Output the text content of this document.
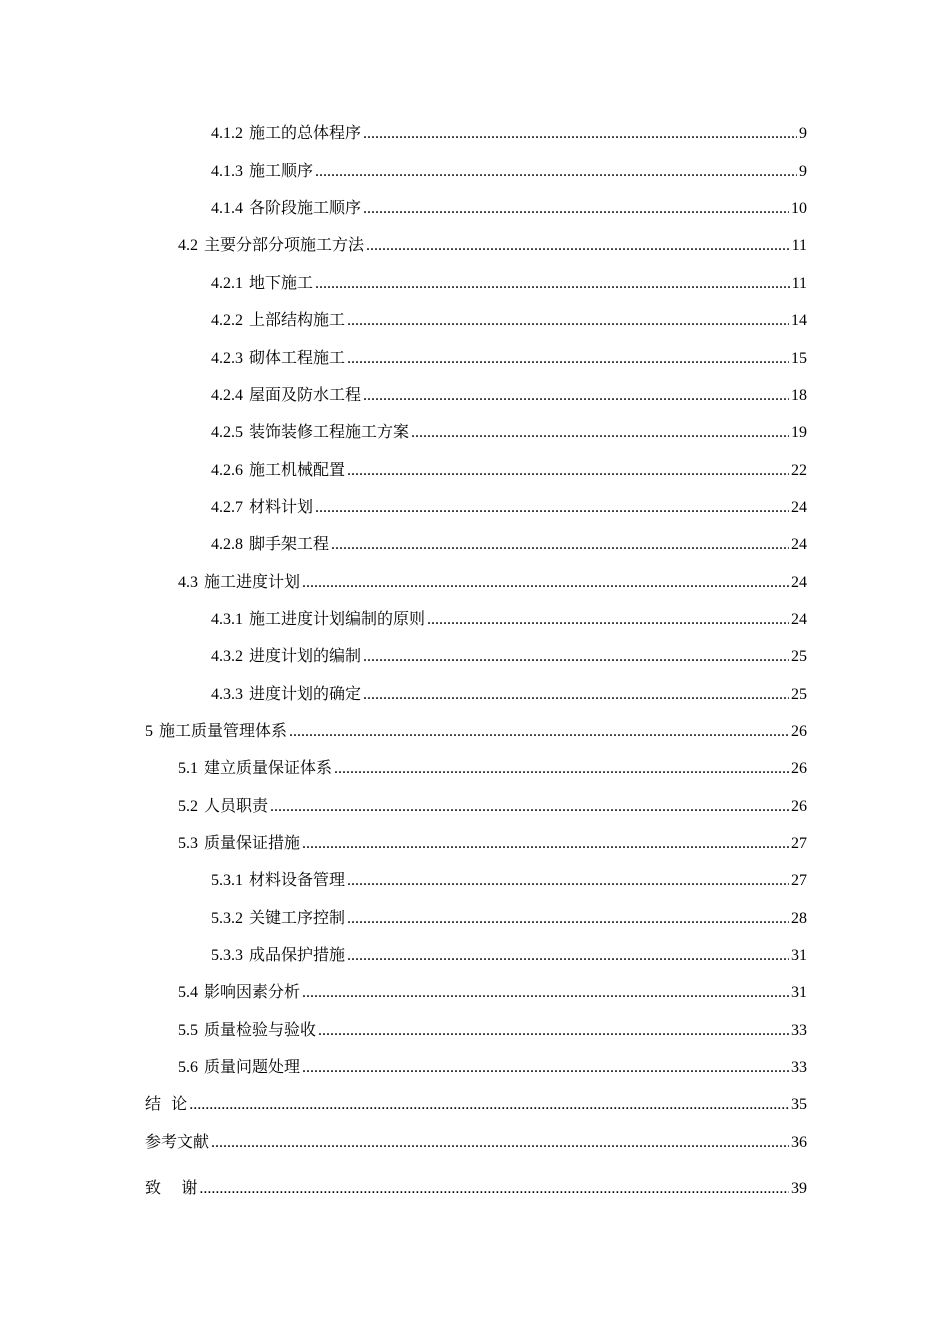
4.1.2 施工的总体程序 .....	9
4.1.3 施工顺序 .....	9
4.1.4 各阶段施工顺序 .....	10
4.2 主要分部分项施工方法 .....	11
4.2.1 地下施工 .....	11
4.2.2 上部结构施工 .....	14
4.2.3 砌体工程施工 .....	15
4.2.4 屋面及防水工程 .....	18
4.2.5 装饰装修工程施工方案 .....	19
4.2.6 施工机械配置 .....	22
4.2.7 材料计划 .....	24
4.2.8 脚手架工程 .....	24
4.3 施工进度计划 .....	24
4.3.1 施工进度计划编制的原则 .....	24
4.3.2 进度计划的编制 .....	25
4.3.3 进度计划的确定 .....	25
5 施工质量管理体系 .....	26
5.1 建立质量保证体系 .....	26
5.2 人员职责 .....	26
5.3 质量保证措施 .....	27
5.3.1 材料设备管理 .....	27
5.3.2 关键工序控制 .....	28
5.3.3 成品保护措施 .....	31
5.4 影响因素分析 .....	31
5.5 质量检验与验收 .....	33
5.6 质量问题处理 .....	33
结  论 .....	35
参考文献 .....	36
致    谢 .....	39
